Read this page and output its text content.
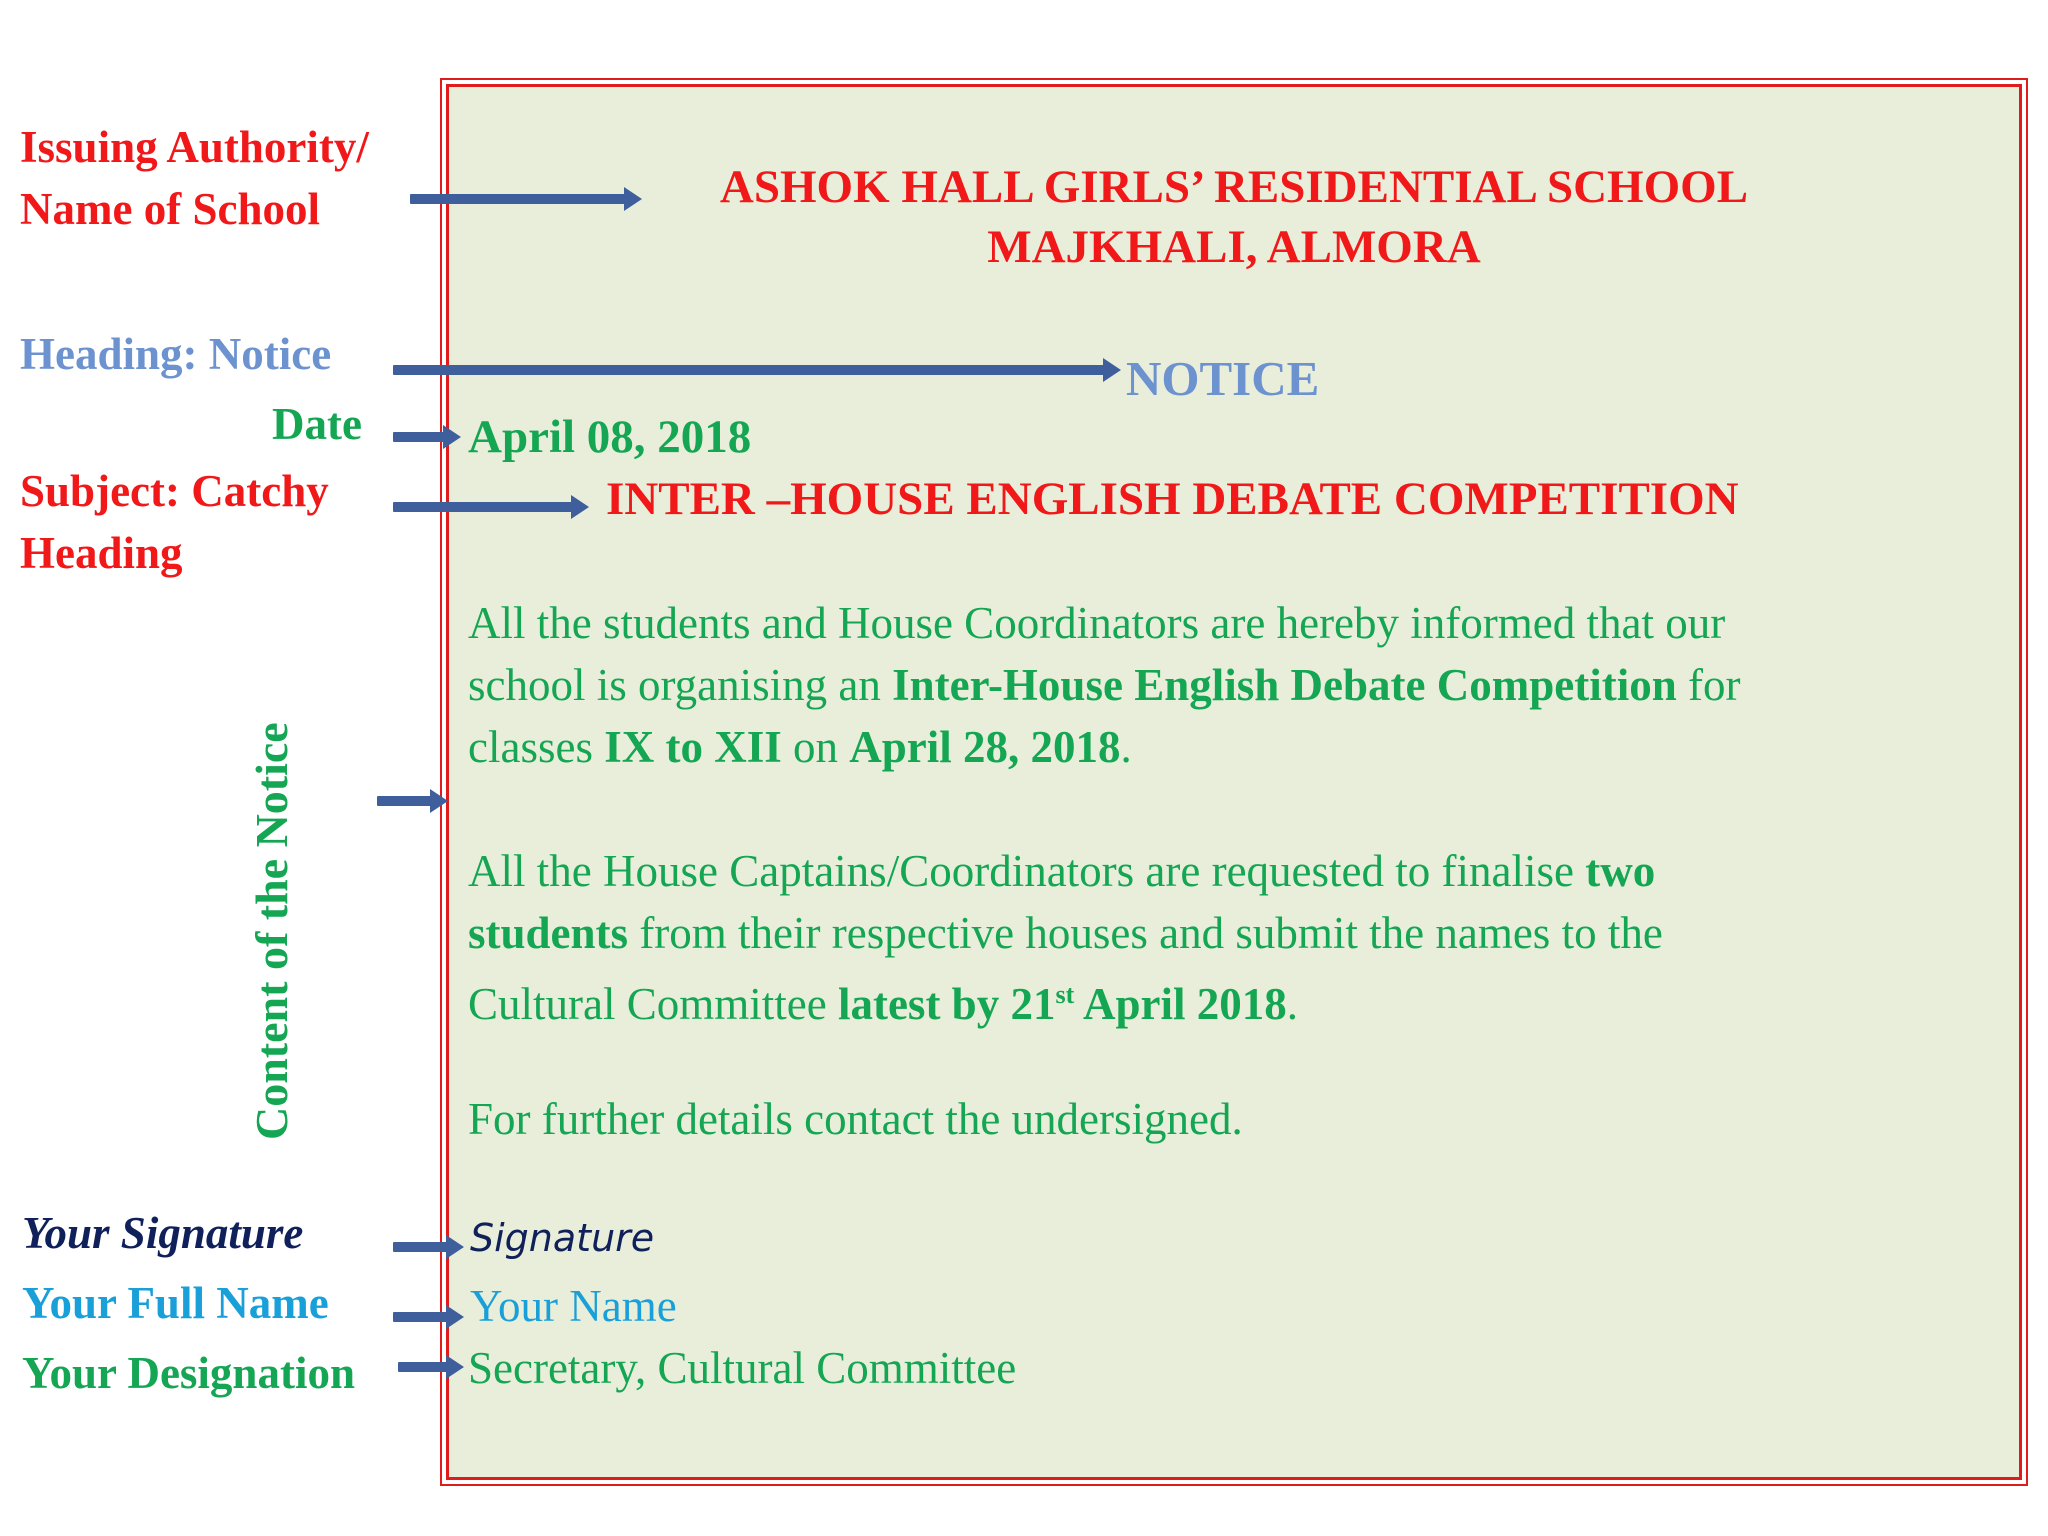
Issuing Authority/
Name of School
Heading: Notice
Date
Subject: Catchy
Heading
Content of the Notice
Your Signature
Your Full Name
Your Designation
ASHOK HALL GIRLS’ RESIDENTIAL SCHOOL
MAJKHALI, ALMORA
NOTICE
April 08, 2018
INTER –HOUSE ENGLISH DEBATE COMPETITION
All the students and House Coordinators are hereby informed that our
school is organising an Inter-House English Debate Competition for
classes IX to XII on April 28, 2018.
All the House Captains/Coordinators are requested to finalise two
students from their respective houses and submit the names to the
Cultural Committee latest by 21st April 2018.
For further details contact the undersigned.
Signature
Your Name
Secretary, Cultural Committee
